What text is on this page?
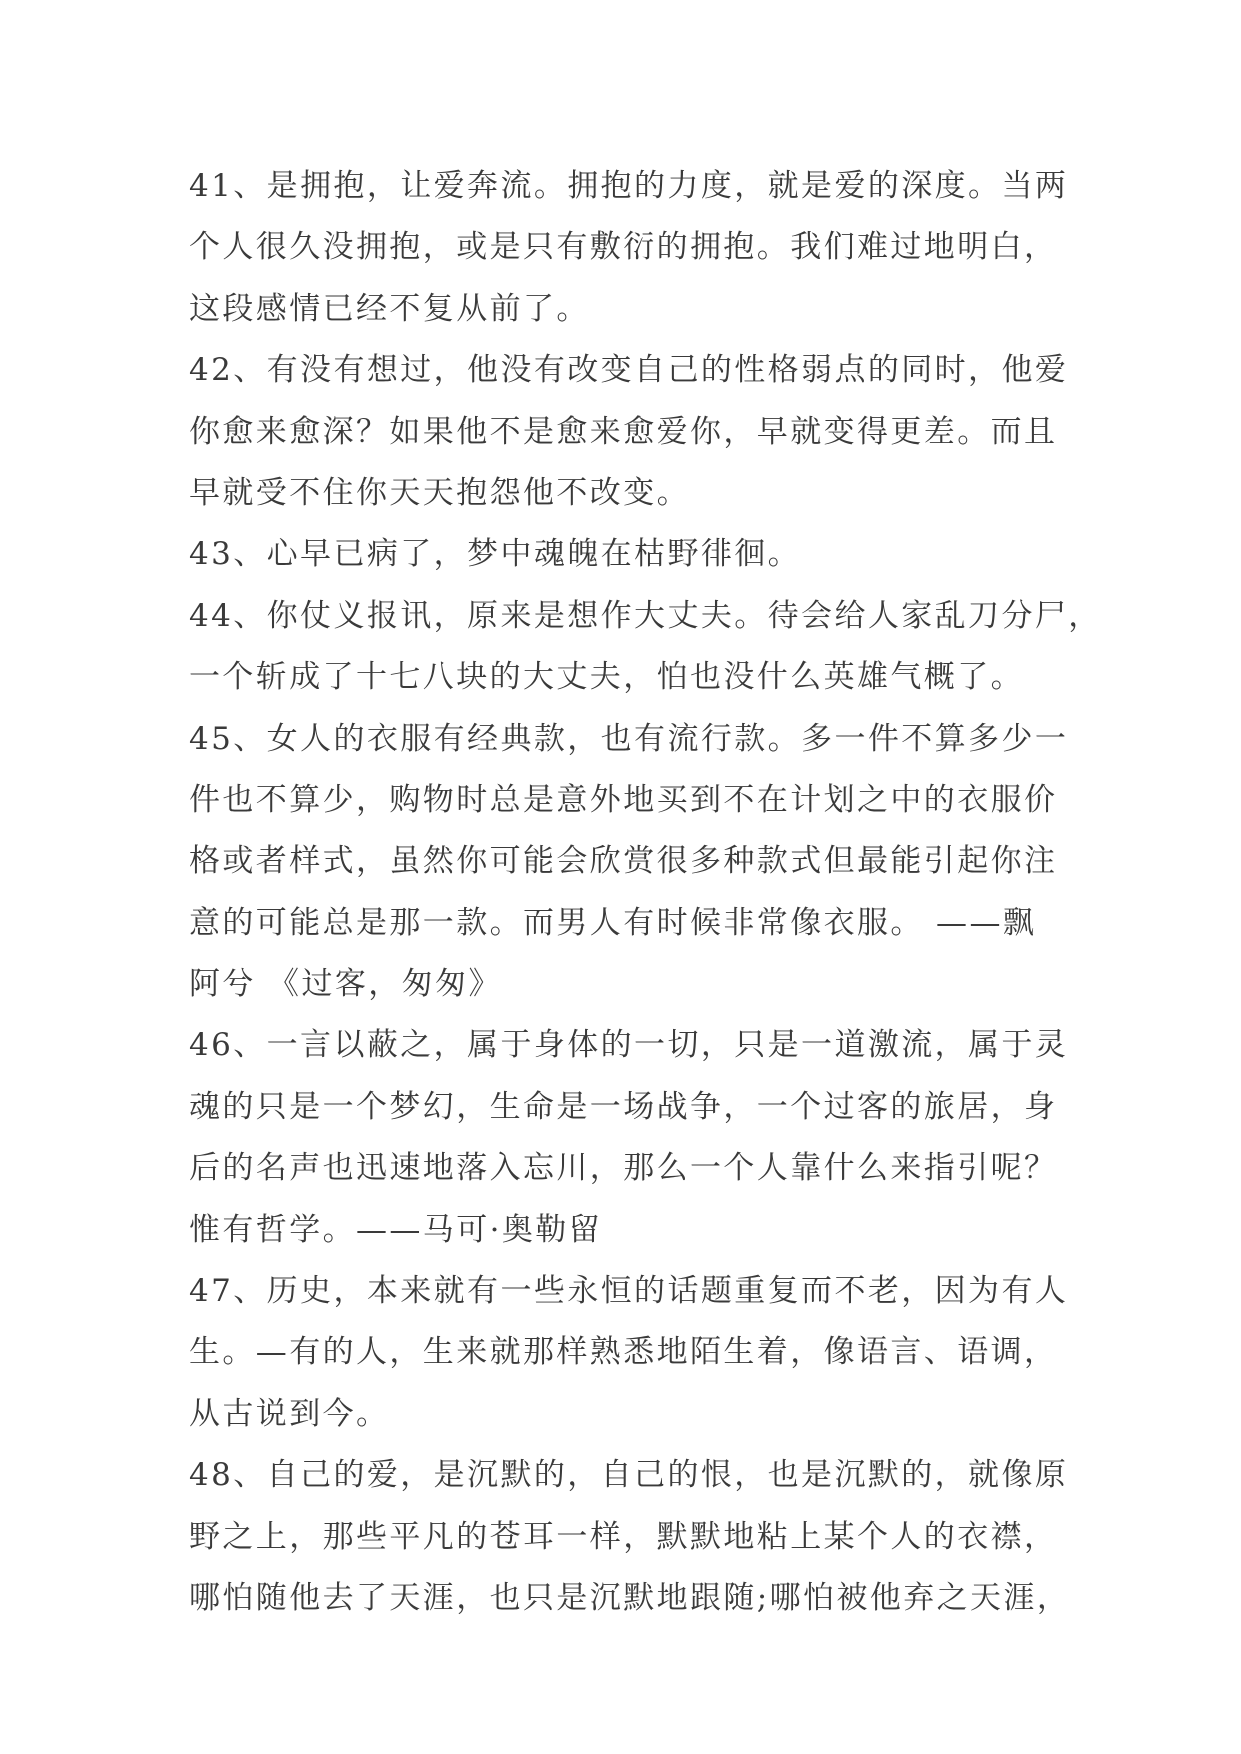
41、是拥抱，让爱奔流。拥抱的力度，就是爱的深度。当两
个人很久没拥抱，或是只有敷衍的拥抱。我们难过地明白，
这段感情已经不复从前了。
42、有没有想过，他没有改变自己的性格弱点的同时，他爱
你愈来愈深？如果他不是愈来愈爱你，早就变得更差。而且
早就受不住你天天抱怨他不改变。
43、心早已病了，梦中魂魄在枯野徘徊。
44、你仗义报讯，原来是想作大丈夫。待会给人家乱刀分尸，
一个斩成了十七八块的大丈夫，怕也没什么英雄气概了。
45、女人的衣服有经典款，也有流行款。多一件不算多少一
件也不算少，购物时总是意外地买到不在计划之中的衣服价
格或者样式，虽然你可能会欣赏很多种款式但最能引起你注
意的可能总是那一款。而男人有时候非常像衣服。 ——飘
阿兮 《过客，匆匆》
46、一言以蔽之，属于身体的一切，只是一道激流，属于灵
魂的只是一个梦幻，生命是一场战争，一个过客的旅居，身
后的名声也迅速地落入忘川，那么一个人靠什么来指引呢？
惟有哲学。——马可·奥勒留
47、历史，本来就有一些永恒的话题重复而不老，因为有人
生。—有的人，生来就那样熟悉地陌生着，像语言、语调，
从古说到今。
48、自己的爱，是沉默的，自己的恨，也是沉默的，就像原
野之上，那些平凡的苍耳一样，默默地粘上某个人的衣襟，
哪怕随他去了天涯，也只是沉默地跟随;哪怕被他弃之天涯，
